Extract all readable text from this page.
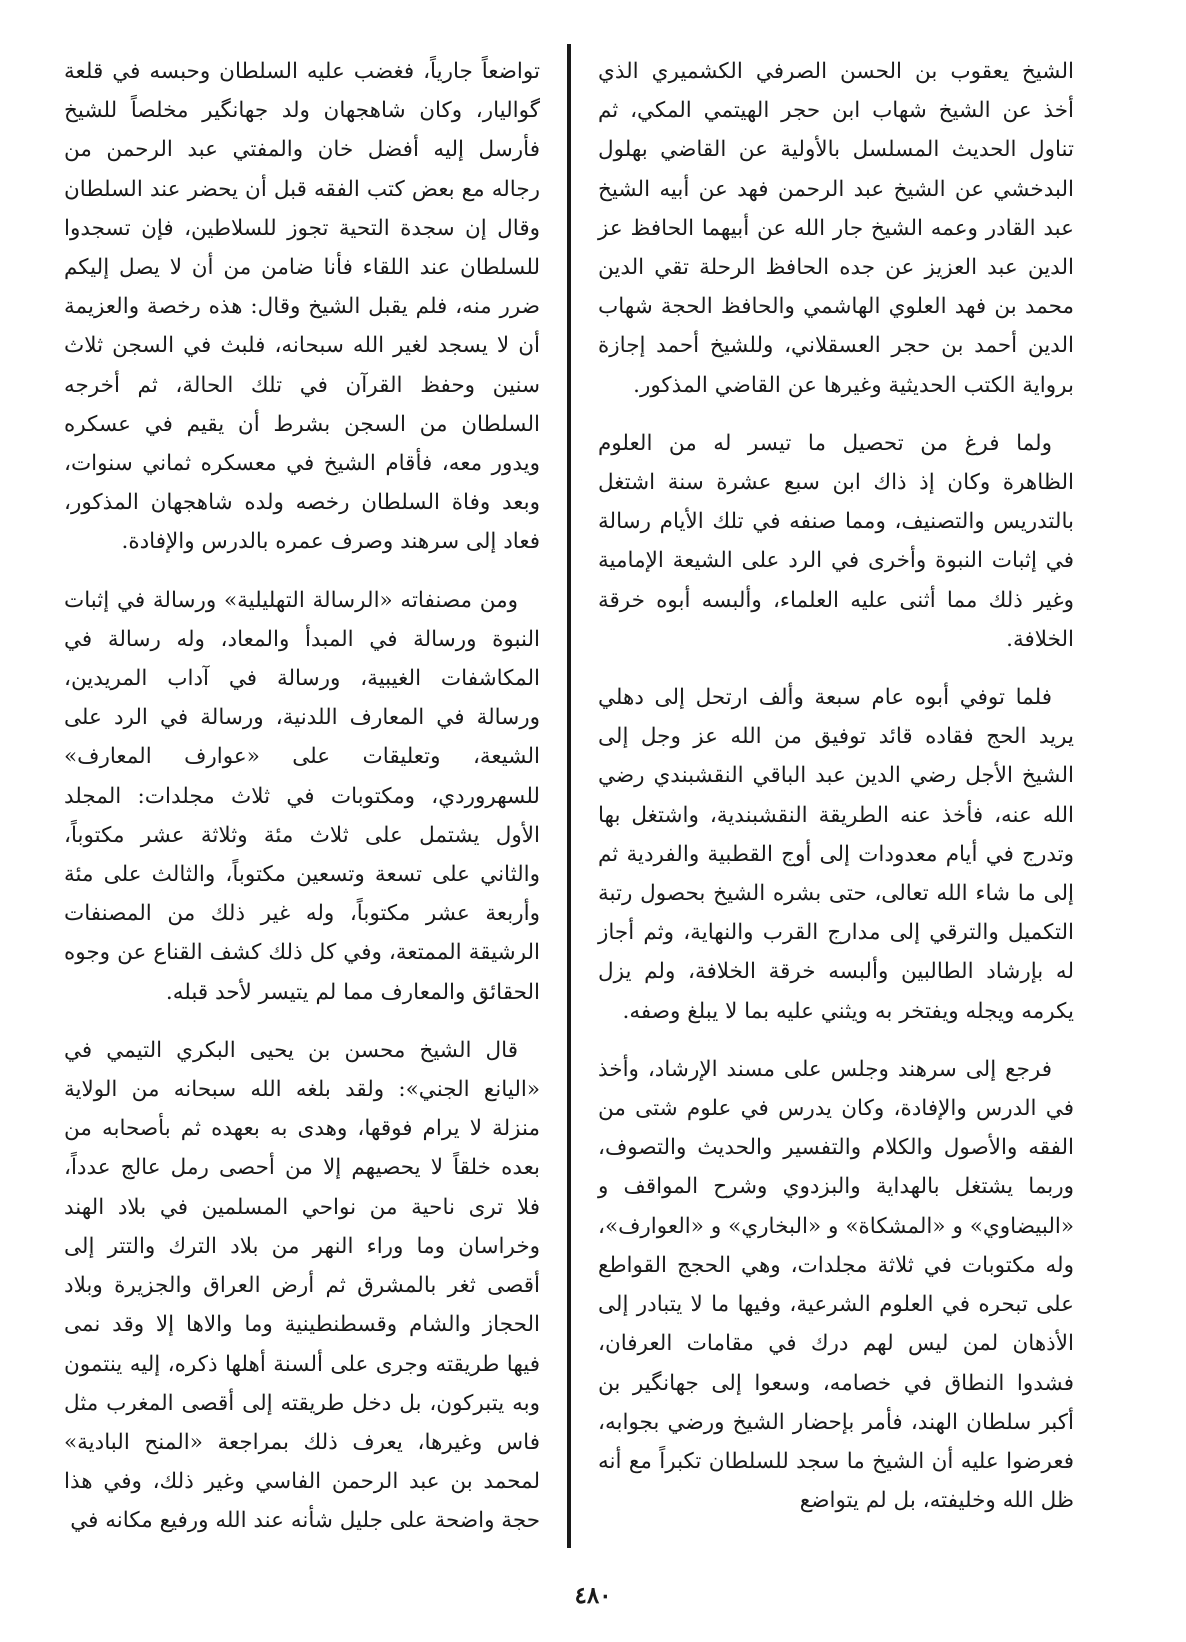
الشيخ يعقوب بن الحسن الصرفي الكشميري الذي أخذ عن الشيخ شهاب ابن حجر الهيتمي المكي، ثم تناول الحديث المسلسل بالأولية عن القاضي بهلول البدخشي عن الشيخ عبد الرحمن فهد عن أبيه الشيخ عبد القادر وعمه الشيخ جار الله عن أبيهما الحافظ عز الدين عبد العزيز عن جده الحافظ الرحلة تقي الدين محمد بن فهد العلوي الهاشمي والحافظ الحجة شهاب الدين أحمد بن حجر العسقلاني، وللشيخ أحمد إجازة برواية الكتب الحديثية وغيرها عن القاضي المذكور.

ولما فرغ من تحصيل ما تيسر له من العلوم الظاهرة وكان إذ ذاك ابن سبع عشرة سنة اشتغل بالتدريس والتصنيف، ومما صنفه في تلك الأيام رسالة في إثبات النبوة وأخرى في الرد على الشيعة الإمامية وغير ذلك مما أثنى عليه العلماء، وألبسه أبوه خرقة الخلافة.

فلما توفي أبوه عام سبعة وألف ارتحل إلى دهلي يريد الحج فقاده قائد توفيق من الله عز وجل إلى الشيخ الأجل رضي الدين عبد الباقي النقشبندي رضي الله عنه، فأخذ عنه الطريقة النقشبندية، واشتغل بها وتدرج في أيام معدودات إلى أوج القطبية والفردية ثم إلى ما شاء الله تعالى، حتى بشره الشيخ بحصول رتبة التكميل والترقي إلى مدارج القرب والنهاية، وثم أجاز له بإرشاد الطالبين وألبسه خرقة الخلافة، ولم يزل يكرمه ويجله ويفتخر به ويثني عليه بما لا يبلغ وصفه.

فرجع إلى سرهند وجلس على مسند الإرشاد، وأخذ في الدرس والإفادة، وكان يدرس في علوم شتى من الفقه والأصول والكلام والتفسير والحديث والتصوف، وربما يشتغل بالهداية والبزدوي وشرح المواقف و «البيضاوي» و «المشكاة» و «البخاري» و «العوارف»، وله مكتوبات في ثلاثة مجلدات، وهي الحجج القواطع على تبحره في العلوم الشرعية، وفيها ما لا يتبادر إلى الأذهان لمن ليس لهم درك في مقامات العرفان، فشدوا النطاق في خصامه، وسعوا إلى جهانگير بن أكبر سلطان الهند، فأمر بإحضار الشيخ ورضي بجوابه، فعرضوا عليه أن الشيخ ما سجد للسلطان تكبراً مع أنه ظل الله وخليفته، بل لم يتواضع

تواضعاً جارياً، فغضب عليه السلطان وحبسه في قلعة گواليار، وكان شاهجهان ولد جهانگير مخلصاً للشيخ فأرسل إليه أفضل خان والمفتي عبد الرحمن من رجاله مع بعض كتب الفقه قبل أن يحضر عند السلطان وقال إن سجدة التحية تجوز للسلاطين، فإن تسجدوا للسلطان عند اللقاء فأنا ضامن من أن لا يصل إليكم ضرر منه، فلم يقبل الشيخ وقال: هذه رخصة والعزيمة أن لا يسجد لغير الله سبحانه، فلبث في السجن ثلاث سنين وحفظ القرآن في تلك الحالة، ثم أخرجه السلطان من السجن بشرط أن يقيم في عسكره ويدور معه، فأقام الشيخ في معسكره ثماني سنوات، وبعد وفاة السلطان رخصه ولده شاهجهان المذكور، فعاد إلى سرهند وصرف عمره بالدرس والإفادة.

ومن مصنفاته «الرسالة التهليلية» ورسالة في إثبات النبوة ورسالة في المبدأ والمعاد، وله رسالة في المكاشفات الغيبية، ورسالة في آداب المريدين، ورسالة في المعارف اللدنية، ورسالة في الرد على الشيعة، وتعليقات على «عوارف المعارف» للسهروردي، ومكتوبات في ثلاث مجلدات: المجلد الأول يشتمل على ثلاث مئة وثلاثة عشر مكتوباً، والثاني على تسعة وتسعين مكتوباً، والثالث على مئة وأربعة عشر مكتوباً، وله غير ذلك من المصنفات الرشيقة الممتعة، وفي كل ذلك كشف القناع عن وجوه الحقائق والمعارف مما لم يتيسر لأحد قبله.

قال الشيخ محسن بن يحيى البكري التيمي في «اليانع الجني»: ولقد بلغه الله سبحانه من الولاية منزلة لا يرام فوقها، وهدى به بعهده ثم بأصحابه من بعده خلقاً لا يحصيهم إلا من أحصى رمل عالج عدداً، فلا ترى ناحية من نواحي المسلمين في بلاد الهند وخراسان وما وراء النهر من بلاد الترك والتتر إلى أقصى ثغر بالمشرق ثم أرض العراق والجزيرة وبلاد الحجاز والشام وقسطنطينية وما والاها إلا وقد نمى فيها طريقته وجرى على ألسنة أهلها ذكره، إليه ينتمون وبه يتبركون، بل دخل طريقته إلى أقصى المغرب مثل فاس وغيرها، يعرف ذلك بمراجعة «المنح البادية» لمحمد بن عبد الرحمن الفاسي وغير ذلك، وفي هذا حجة واضحة على جليل شأنه عند الله ورفيع مكانه في

٤٨٠
